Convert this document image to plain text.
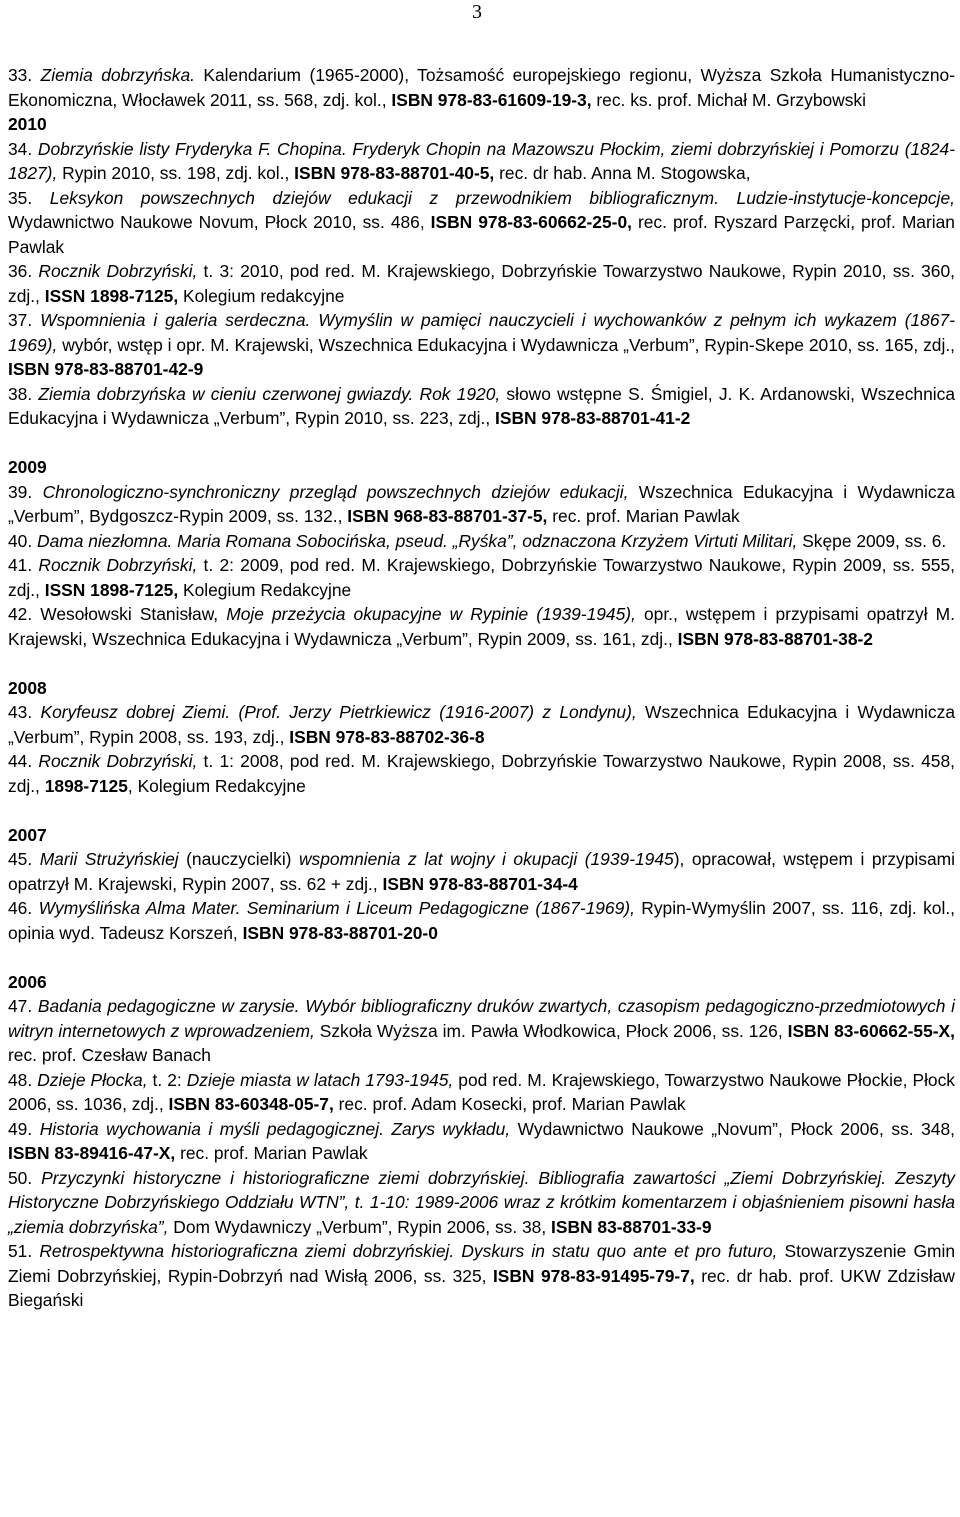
3

33. Ziemia dobrzyńska. Kalendarium (1965-2000), Tożsamość europejskiego regionu, Wyższa Szkoła Humanistyczno-Ekonomiczna, Włocławek 2011, ss. 568, zdj. kol., ISBN 978-83-61609-19-3, rec. ks. prof. Michał M. Grzybowski

2010

34. Dobrzyńskie listy Fryderyka F. Chopina. Fryderyk Chopin na Mazowszu Płockim, ziemi dobrzyńskiej i Pomorzu (1824-1827), Rypin 2010, ss. 198, zdj. kol., ISBN 978-83-88701-40-5, rec. dr hab. Anna M. Stogowska,

35. Leksykon powszechnych dziejów edukacji z przewodnikiem bibliograficznym. Ludzie-instytucje-koncepcje, Wydawnictwo Naukowe Novum, Płock 2010, ss. 486, ISBN 978-83-60662-25-0, rec. prof. Ryszard Parzęcki, prof. Marian Pawlak

36. Rocznik Dobrzyński, t. 3: 2010, pod red. M. Krajewskiego, Dobrzyńskie Towarzystwo Naukowe, Rypin 2010, ss. 360, zdj., ISSN 1898-7125, Kolegium redakcyjne

37. Wspomnienia i galeria serdeczna. Wymyślin w pamięci nauczycieli i wychowanków z pełnym ich wykazem (1867-1969), wybór, wstęp i opr. M. Krajewski, Wszechnica Edukacyjna i Wydawnicza „Verbum”, Rypin-Skepe 2010, ss. 165, zdj., ISBN 978-83-88701-42-9

38. Ziemia dobrzyńska w cieniu czerwonej gwiazdy. Rok 1920, słowo wstępne S. Śmigiel, J. K. Ardanowski, Wszechnica Edukacyjna i Wydawnicza „Verbum”, Rypin 2010, ss. 223, zdj., ISBN 978-83-88701-41-2

2009

39. Chronologiczno-synchroniczny przegląd powszechnych dziejów edukacji, Wszechnica Edukacyjna i Wydawnicza „Verbum”, Bydgoszcz-Rypin 2009, ss. 132., ISBN 968-83-88701-37-5, rec. prof. Marian Pawlak

40. Dama niezłomna. Maria Romana Sobocińska, pseud. „Ryśka”, odznaczona Krzyżem Virtuti Militari, Skępe 2009, ss. 6.

41. Rocznik Dobrzyński, t. 2: 2009, pod red. M. Krajewskiego, Dobrzyńskie Towarzystwo Naukowe, Rypin 2009, ss. 555, zdj., ISSN 1898-7125, Kolegium Redakcyjne

42. Wesołowski Stanisław, Moje przeżycia okupacyjne w Rypinie (1939-1945), opr., wstępem i przypisami opatrzył M. Krajewski, Wszechnica Edukacyjna i Wydawnicza „Verbum”, Rypin 2009, ss. 161, zdj., ISBN 978-83-88701-38-2

2008

43. Koryfeusz dobrej Ziemi. (Prof. Jerzy Pietrkiewicz (1916-2007) z Londynu), Wszechnica Edukacyjna i Wydawnicza „Verbum”, Rypin 2008, ss. 193, zdj., ISBN 978-83-88702-36-8

44. Rocznik Dobrzyński, t. 1: 2008, pod red. M. Krajewskiego, Dobrzyńskie Towarzystwo Naukowe, Rypin 2008, ss. 458, zdj., 1898-7125, Kolegium Redakcyjne

2007

45. Marii Strużyńskiej (nauczycielki) wspomnienia z lat wojny i okupacji (1939-1945), opracował, wstępem i przypisami opatrzył M. Krajewski, Rypin 2007, ss. 62 + zdj., ISBN 978-83-88701-34-4

46. Wymyślińska Alma Mater. Seminarium i Liceum Pedagogiczne (1867-1969), Rypin-Wymyślin 2007, ss. 116, zdj. kol., opinia wyd. Tadeusz Korszeń, ISBN 978-83-88701-20-0

2006

47. Badania pedagogiczne w zarysie. Wybór bibliograficzny druków zwartych, czasopism pedagogiczno-przedmiotowych i witryn internetowych z wprowadzeniem, Szkoła Wyższa im. Pawła Włodkowica, Płock 2006, ss. 126, ISBN 83-60662-55-X, rec. prof. Czesław Banach

48. Dzieje Płocka, t. 2: Dzieje miasta w latach 1793-1945, pod red. M. Krajewskiego, Towarzystwo Naukowe Płockie, Płock 2006, ss. 1036, zdj., ISBN 83-60348-05-7, rec. prof. Adam Kosecki, prof. Marian Pawlak

49. Historia wychowania i myśli pedagogicznej. Zarys wykładu, Wydawnictwo Naukowe „Novum”, Płock 2006, ss. 348, ISBN 83-89416-47-X, rec. prof. Marian Pawlak

50. Przyczynki historyczne i historiograficzne ziemi dobrzyńskiej. Bibliografia zawartości „Ziemi Dobrzyńskiej. Zeszyty Historyczne Dobrzyńskiego Oddziału WTN”, t. 1-10: 1989-2006 wraz z krótkim komentarzem i objaśnieniem pisowni hasła „ziemia dobrzyńska”, Dom Wydawniczy „Verbum”, Rypin 2006, ss. 38, ISBN 83-88701-33-9

51. Retrospektywna historiograficzna ziemi dobrzyńskiej. Dyskurs in statu quo ante et pro futuro, Stowarzyszenie Gmin Ziemi Dobrzyńskiej, Rypin-Dobrzyń nad Wisłą 2006, ss. 325, ISBN 978-83-91495-79-7, rec. dr hab. prof. UKW Zdzisław Biegański
